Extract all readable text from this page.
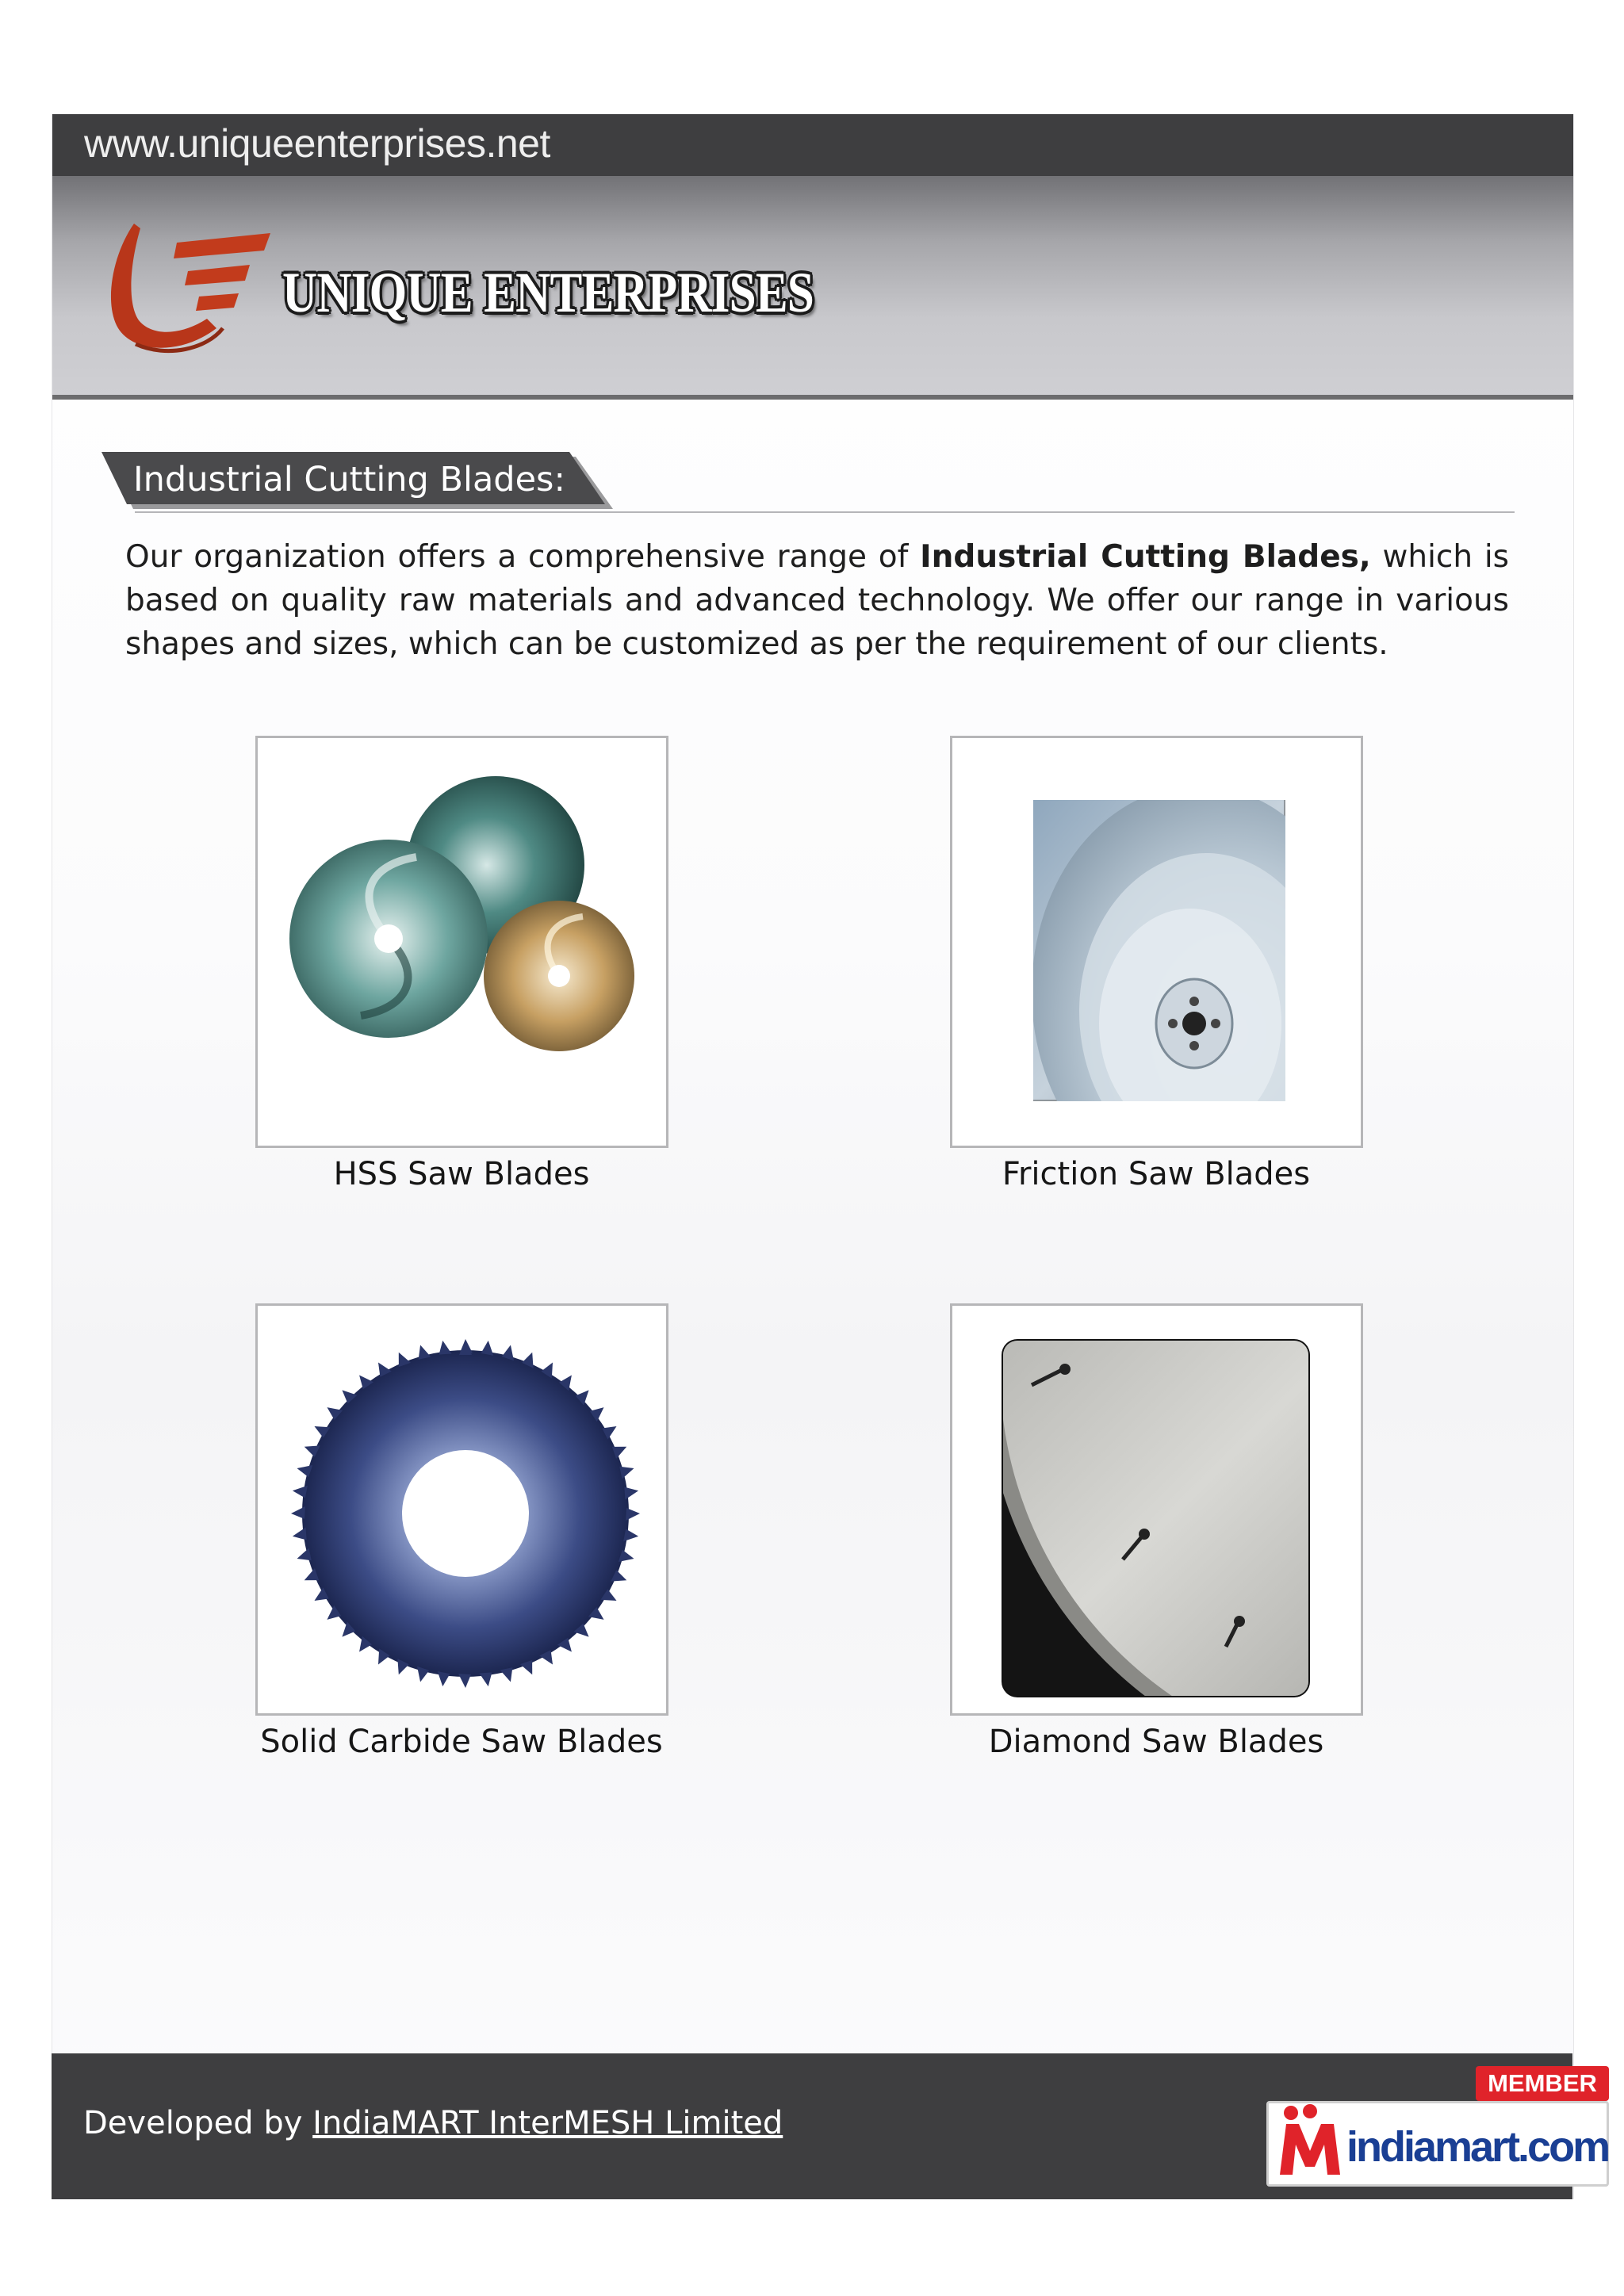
www.uniqueenterprises.net
UNIQUE ENTERPRISES
Industrial Cutting Blades:
Our organization offers a comprehensive range of Industrial Cutting Blades, which is based on quality raw materials and advanced technology. We offer our range in various shapes and sizes, which can be customized as per the requirement of our clients.
HSS Saw Blades	Friction Saw Blades
Solid Carbide Saw Blades	Diamond Saw Blades
Developed by IndiaMART InterMESH Limited
MEMBER
indiamart.com
